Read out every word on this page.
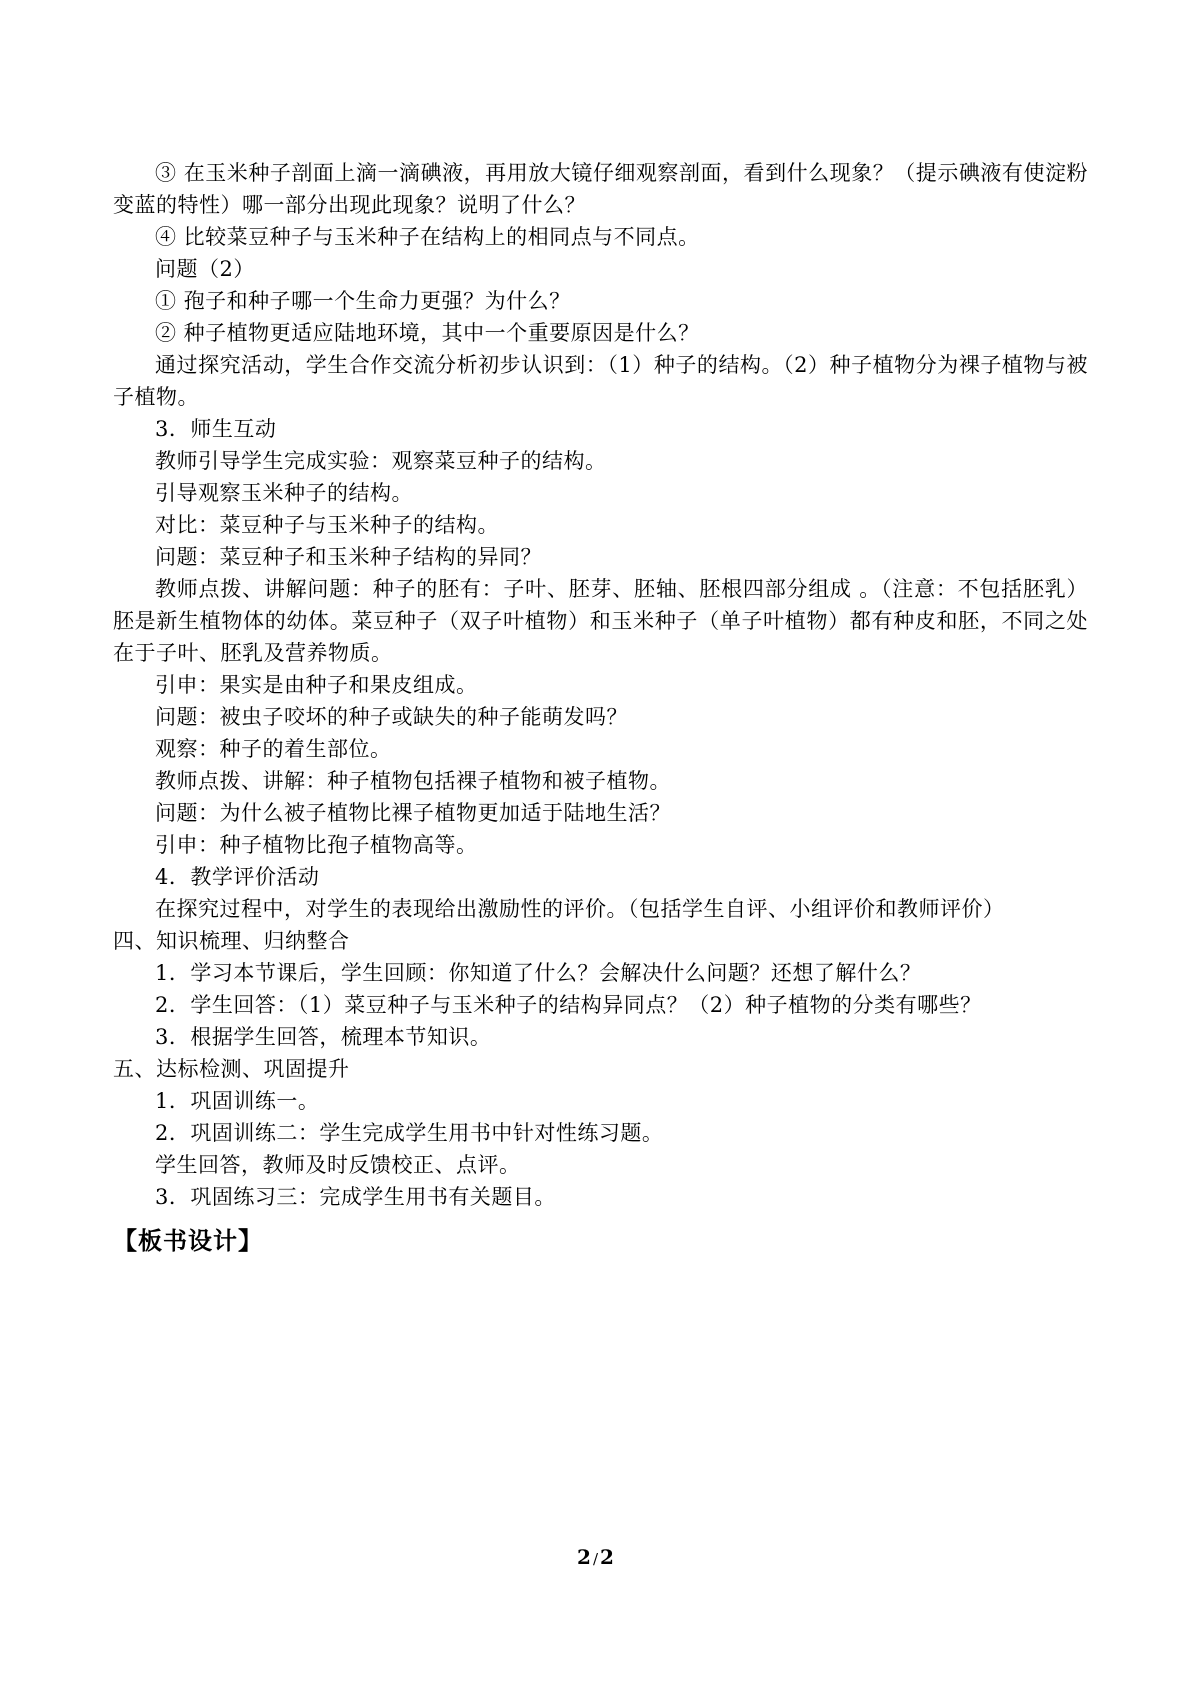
③ 在玉米种子剖面上滴一滴碘液，再用放大镜仔细观察剖面，看到什么现象？（提示碘液有使淀粉变蓝的特性）哪一部分出现此现象？说明了什么？

④ 比较菜豆种子与玉米种子在结构上的相同点与不同点。

问题（2）

① 孢子和种子哪一个生命力更强？为什么？

② 种子植物更适应陆地环境，其中一个重要原因是什么？

通过探究活动，学生合作交流分析初步认识到：（1）种子的结构。（2）种子植物分为裸子植物与被子植物。

3．师生互动

教师引导学生完成实验：观察菜豆种子的结构。

引导观察玉米种子的结构。

对比：菜豆种子与玉米种子的结构。

问题：菜豆种子和玉米种子结构的异同？

教师点拨、讲解问题：种子的胚有：子叶、胚芽、胚轴、胚根四部分组成 。（注意：不包括胚乳）胚是新生植物体的幼体。菜豆种子（双子叶植物）和玉米种子（单子叶植物）都有种皮和胚，不同之处在于子叶、胚乳及营养物质。

引申：果实是由种子和果皮组成。

问题：被虫子咬坏的种子或缺失的种子能萌发吗？

观察：种子的着生部位。

教师点拨、讲解：种子植物包括裸子植物和被子植物。

问题：为什么被子植物比裸子植物更加适于陆地生活？

引申：种子植物比孢子植物高等。

4．教学评价活动

在探究过程中，对学生的表现给出激励性的评价。（包括学生自评、小组评价和教师评价）

四、知识梳理、归纳整合

1．学习本节课后，学生回顾：你知道了什么？会解决什么问题？还想了解什么？

2．学生回答：（1）菜豆种子与玉米种子的结构异同点？（2）种子植物的分类有哪些？

3．根据学生回答，梳理本节知识。

五、达标检测、巩固提升

1．巩固训练一。

2．巩固训练二：学生完成学生用书中针对性练习题。

学生回答，教师及时反馈校正、点评。

3．巩固练习三：完成学生用书有关题目。

【板书设计】
2 / 2
